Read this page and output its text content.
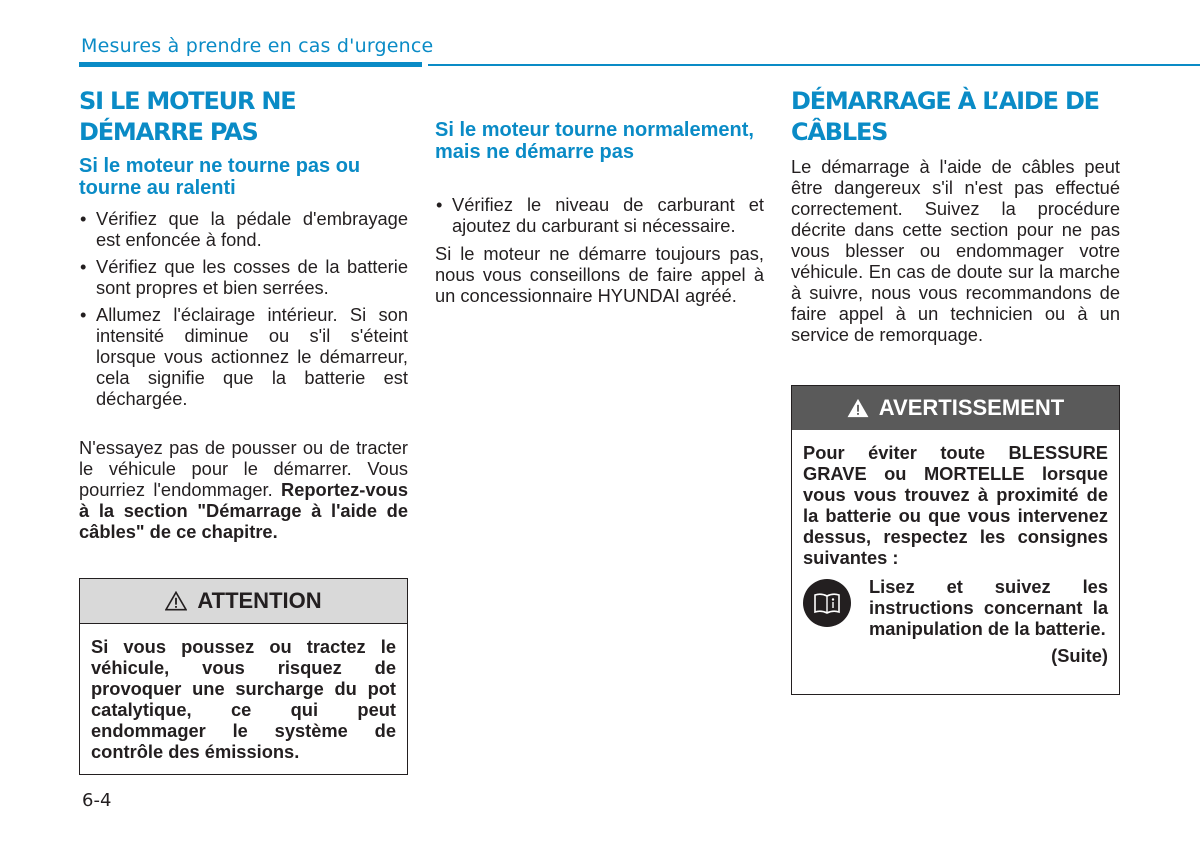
Mesures à prendre en cas d'urgence
SI LE MOTEUR NE DÉMARRE PAS
Si le moteur ne tourne pas ou tourne au ralenti
• Vérifiez que la pédale d'embrayage est enfoncée à fond.
• Vérifiez que les cosses de la batterie sont propres et bien serrées.
• Allumez l'éclairage intérieur. Si son intensité diminue ou s'il s'éteint lorsque vous actionnez le démarreur, cela signifie que la batterie est déchargée.

N'essayez pas de pousser ou de tracter le véhicule pour le démarrer. Vous pourriez l'endommager. Reportez-vous à la section "Démarrage à l'aide de câbles" de ce chapitre.

ATTENTION
Si vous poussez ou tractez le véhicule, vous risquez de provoquer une surcharge du pot catalytique, ce qui peut endommager le système de contrôle des émissions.
Si le moteur tourne normalement, mais ne démarre pas
• Vérifiez le niveau de carburant et ajoutez du carburant si nécessaire.

Si le moteur ne démarre toujours pas, nous vous conseillons de faire appel à un concessionnaire HYUNDAI agréé.

DÉMARRAGE À L’AIDE DE CÂBLES

Le démarrage à l'aide de câbles peut être dangereux s'il n'est pas effectué correctement. Suivez la procédure décrite dans cette section pour ne pas vous blesser ou endommager votre véhicule. En cas de doute sur la marche à suivre, nous vous recommandons de faire appel à un technicien ou à un service de remorquage.

AVERTISSEMENT
Pour éviter toute BLESSURE GRAVE ou MORTELLE lorsque vous vous trouvez à proximité de la batterie ou que vous intervenez dessus, respectez les consignes suivantes :
Lisez et suivez les instructions concernant la manipulation de la batterie.
(Suite)
6-4
